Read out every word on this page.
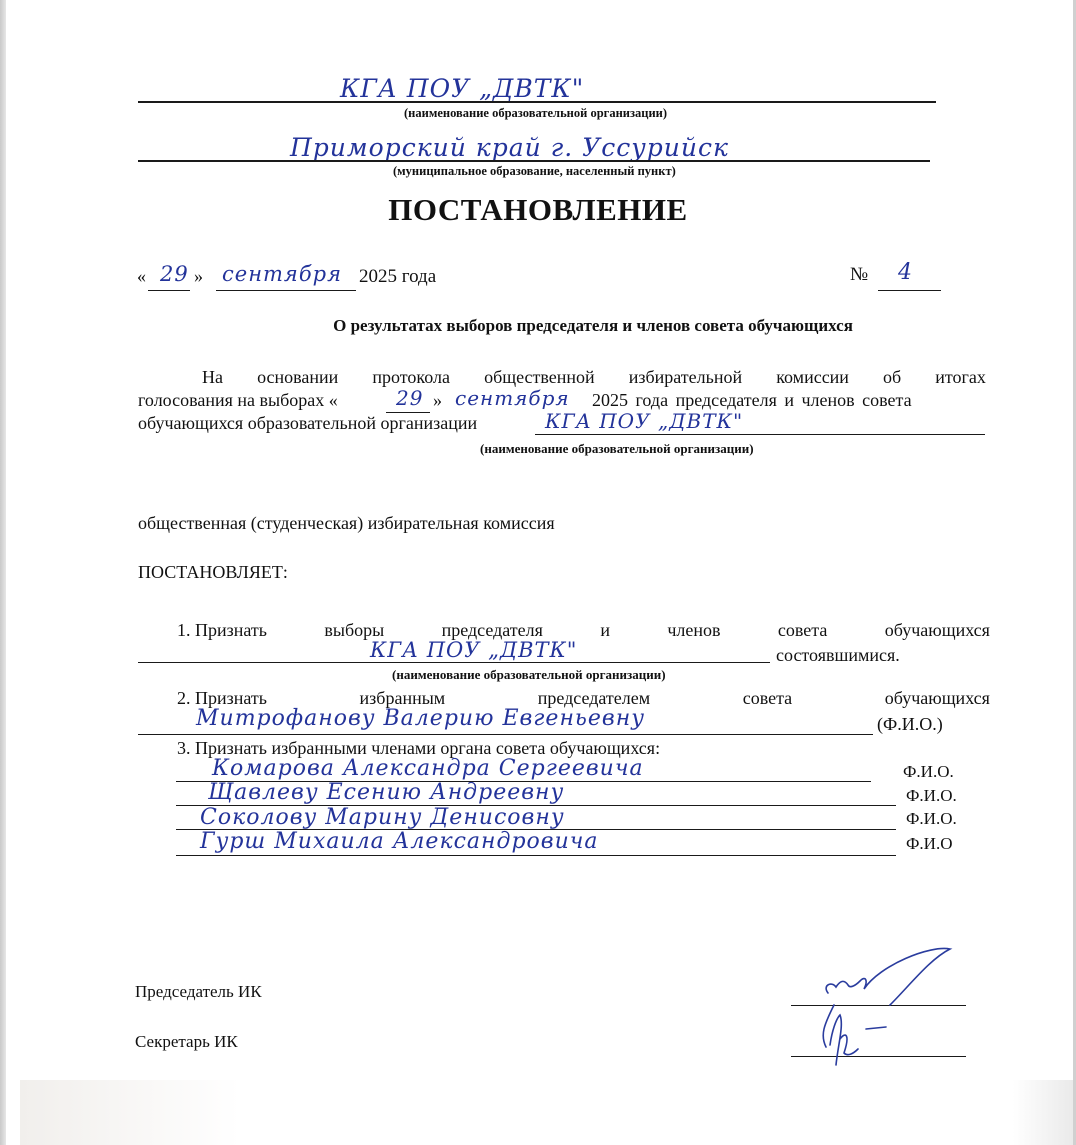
КГА ПОУ „ДВТК"
(наименование образовательной организации)
Приморский край г. Уссурийск
(муниципальное образование, населенный пункт)
ПОСТАНОВЛЕНИЕ
« 29 » сентября 2025 года	№ 4
О результатах выборов председателя и членов совета обучающихся
На основании протокола общественной избирательной комиссии об итогах
голосования на выборах «	29 » сентября 2025 года председателя и членов совета
обучающихся образовательной организации	КГА ПОУ „ДВТК"
(наименование образовательной организации)
общественная (студенческая) избирательная комиссия
ПОСТАНОВЛЯЕТ:
1. Признать	выборы	председателя	и	членов	совета	обучающихся
КГА ПОУ „ДВТК"	состоявшимися.
(наименование образовательной организации)
2. Признать	избранным	председателем	совета	обучающихся
Митрофанову Валерию Евгеньевну	(Ф.И.О.)
3. Признать избранными членами органа совета обучающихся:
Комарова Александра Сергеевича	Ф.И.О.
Щавлеву Есению Андреевну	Ф.И.О.
Соколову Марину Денисовну	Ф.И.О.
Гурш Михаила Александровича	Ф.И.О
Председатель ИК
Секретарь ИК
